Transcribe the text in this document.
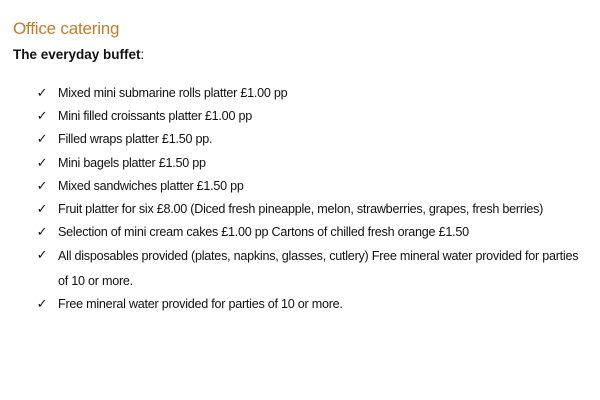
Office catering
The everyday buffet:
✓ Mixed mini submarine rolls platter £1.00 pp
✓ Mini filled croissants platter £1.00 pp
✓ Filled wraps platter £1.50 pp.
✓ Mini bagels platter £1.50 pp
✓ Mixed sandwiches platter £1.50 pp
✓ Fruit platter for six £8.00 (Diced fresh pineapple, melon, strawberries, grapes, fresh berries)
✓ Selection of mini cream cakes £1.00 pp Cartons of chilled fresh orange £1.50
✓ All disposables provided (plates, napkins, glasses, cutlery) Free mineral water provided for parties of 10 or more.
✓ Free mineral water provided for parties of 10 or more.
